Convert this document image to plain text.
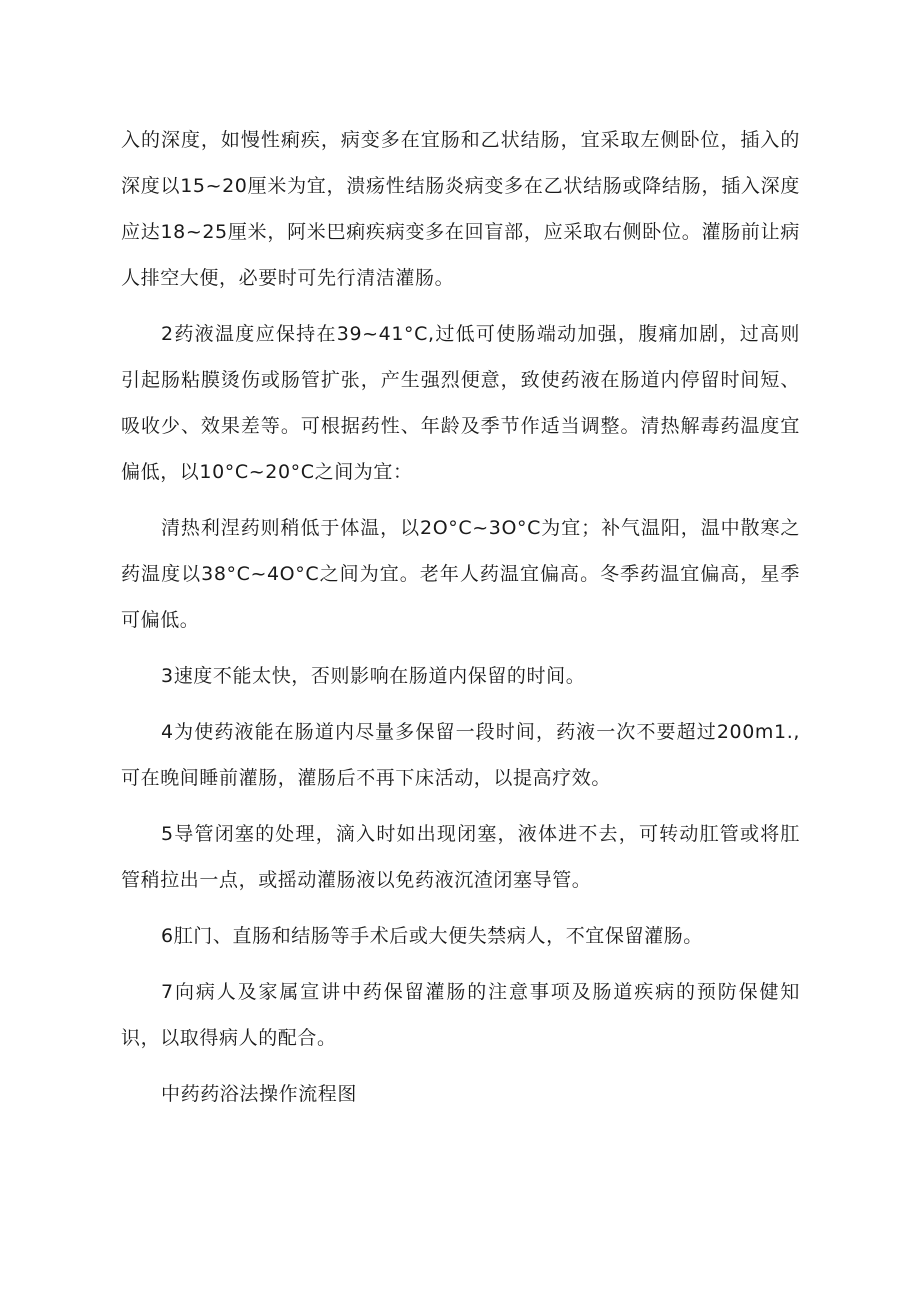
入的深度，如慢性痢疾，病变多在宜肠和乙状结肠，宜采取左侧卧位，插入的深度以15~20厘米为宜，溃疡性结肠炎病变多在乙状结肠或降结肠，插入深度应达18~25厘米，阿米巴痢疾病变多在回盲部，应采取右侧卧位。灌肠前让病人排空大便，必要时可先行清洁灌肠。

2药液温度应保持在39~41°C,过低可使肠端动加强，腹痛加剧，过高则引起肠粘膜烫伤或肠管扩张，产生强烈便意，致使药液在肠道内停留时间短、吸收少、效果差等。可根据药性、年龄及季节作适当调整。清热解毒药温度宜偏低，以10°C~20°C之间为宜：

清热利涅药则稍低于体温，以2O°C~3O°C为宜；补气温阳，温中散寒之药温度以38°C~4O°C之间为宜。老年人药温宜偏高。冬季药温宜偏高，星季可偏低。

3速度不能太快，否则影响在肠道内保留的时间。

4为使药液能在肠道内尽量多保留一段时间，药液一次不要超过200m1.,可在晚间睡前灌肠，灌肠后不再下床活动，以提高疗效。

5导管闭塞的处理，滴入时如出现闭塞，液体进不去，可转动肛管或将肛管稍拉出一点，或摇动灌肠液以免药液沉渣闭塞导管。

6肛门、直肠和结肠等手术后或大便失禁病人，不宜保留灌肠。

7向病人及家属宣讲中药保留灌肠的注意事项及肠道疾病的预防保健知识，以取得病人的配合。

中药药浴法操作流程图
